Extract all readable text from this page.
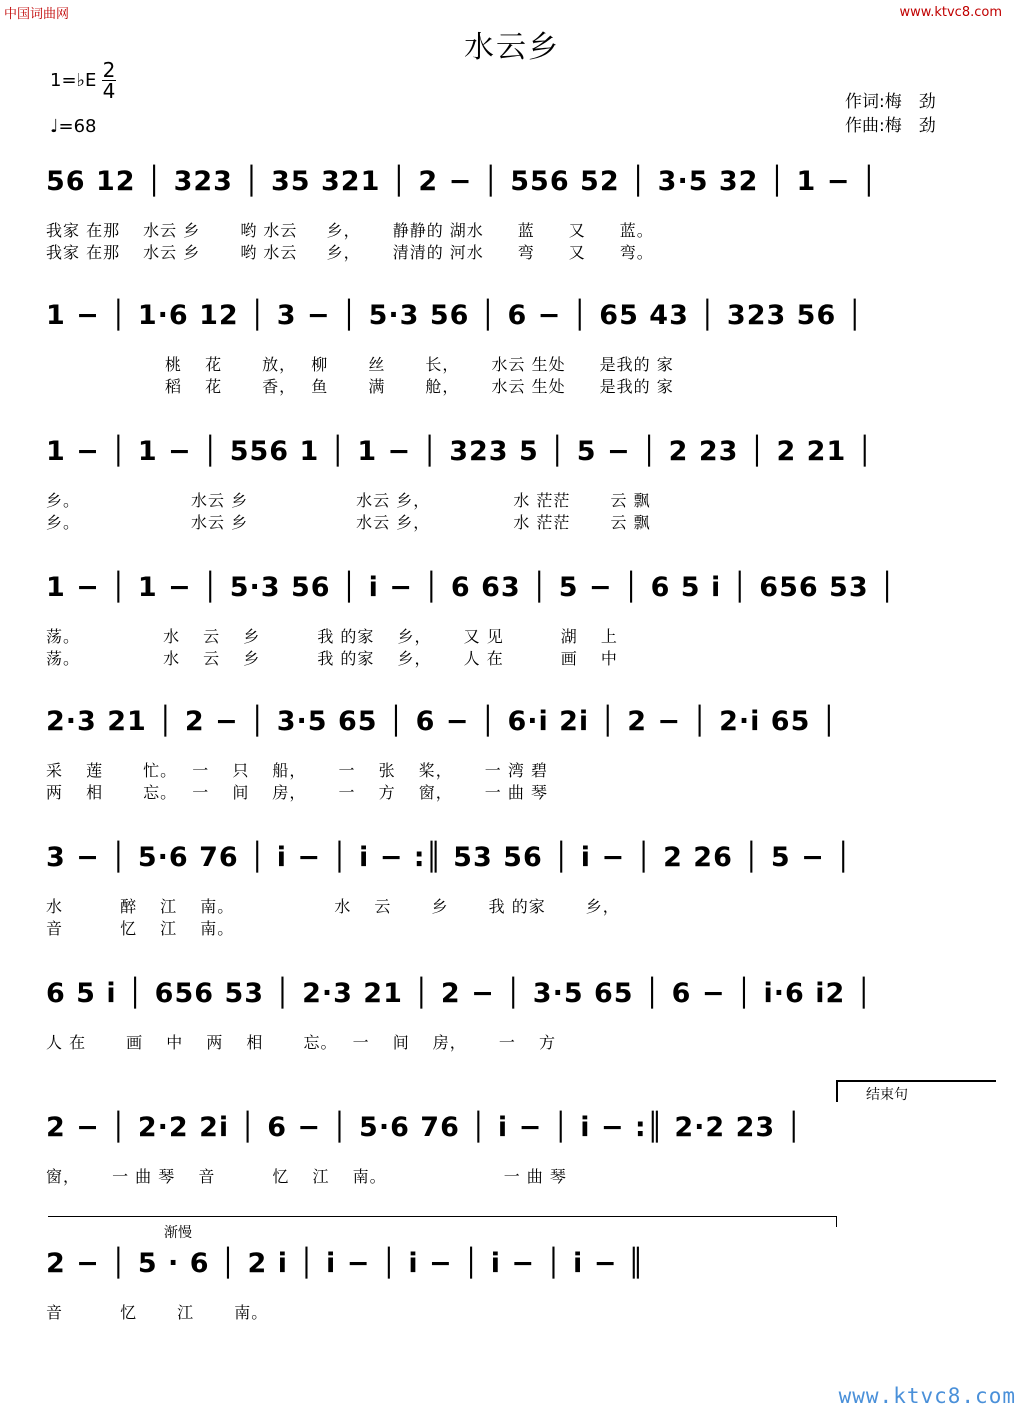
中国词曲网	www.ktvc8.com
水云乡
1=♭E 2
4
♩=68
作词:梅　劲
作曲:梅　劲
56 12 │ 323 │ 35 321 │ 2 − │ 556 52 │ 3·5 32 │ 1 − │
我家 在那 　水云 乡　　 哟 水云 　 乡，　　 静静的 湖水　　蓝　　又　　蓝。
我家 在那 　水云 乡　　 哟 水云 　 乡，　　 清清的 河水　　弯　　又　　弯。
1 − │ 1·6 12 │ 3 − │ 5·3 56 │ 6 − │ 65 43 │ 323 56 │
　　　　　　　桃　 花　　 放，　 柳　　 丝　　 长，　　 水云 生处　　是我的 家
　　　　　　　稻　 花　　 香，　 鱼　　 满　　 舱，　　 水云 生处　　是我的 家
1 − │ 1 − │ 556 1 │ 1 − │ 323 5 │ 5 − │ 2 23 │ 2 21 │
乡。　　　　　　　水云 乡　　　　　　 水云 乡，　　　　　 水 茫茫　　 云 飘
乡。　　　　　　　水云 乡　　　　　　 水云 乡，　　　　　 水 茫茫　　 云 飘
1 − │ 1 − │ 5·3 56 │ i − │ 6 63 │ 5 − │ 6 5 i │ 656 53 │
荡。　　　　　 水　 云　 乡　　　 我 的家　 乡，　　 又 见　　　 湖　 上
荡。　　　　　 水　 云　 乡　　　 我 的家　 乡，　　 人 在　　　 画　 中
2·3 21 │ 2 − │ 3·5 65 │ 6 − │ 6·i 2i │ 2 − │ 2·i 65 │
采　 莲　　 忙。　 一　 只　 船，　　 一　 张　 桨，　　 一 湾 碧
两　 相　　 忘。　 一　 间　 房，　　 一　 方　 窗，　　 一 曲 琴
3 − │ 5·6 76 │ i − │ i − :║ 53 56 │ i − │ 2 26 │ 5 − │
水　　　 醉　 江　 南。　　　　　　 水　 云　　 乡　　 我 的家　　 乡，
音　　　 忆　 江　 南。
6 5 i │ 656 53 │ 2·3 21 │ 2 − │ 3·5 65 │ 6 − │ i·6 i2 │
人 在　　 画　 中　 两　 相　　 忘。　 一　 间　 房，　　 一　 方
结束句
2 − │ 2·2 2i │ 6 − │ 5·6 76 │ i − │ i − :║ 2·2 23 │
窗，　　 一 曲 琴　 音　　　 忆　 江　 南。　　　　　　　 一 曲 琴
渐慢
2 − │ 5 · 6 │ 2 i │ i − │ i − │ i − │ i − ║
音　　　 忆　　 江　　 南。
www.ktvc8.com
